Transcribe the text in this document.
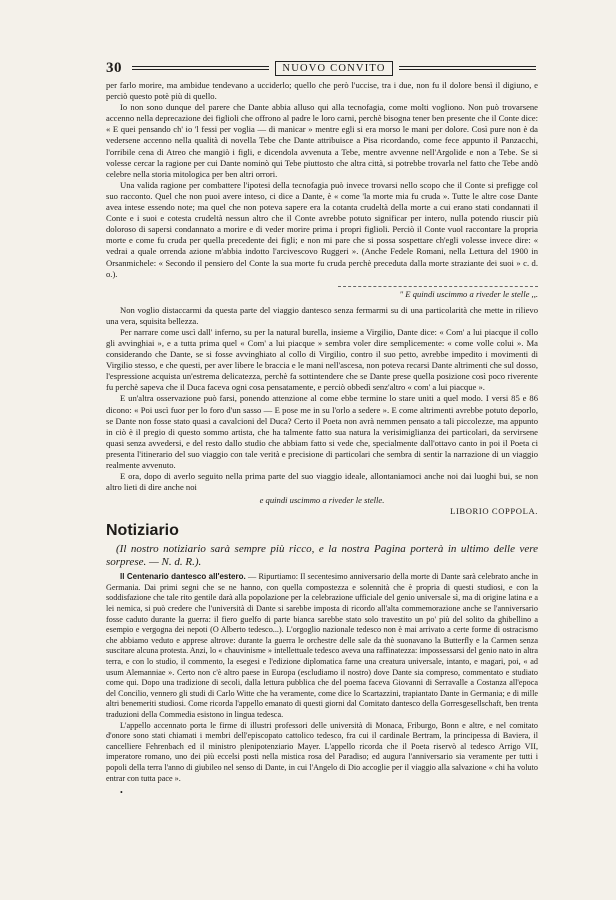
30	NUOVO CONVITO

per farlo morire, ma ambidue tendevano a ucciderlo; quello che però l'uccise, tra i due, non fu il dolore bensì il digiuno, e perciò questo potè più di quello.

Io non sono dunque del parere che Dante abbia alluso qui alla tecnofagia, come molti vogliono. Non può trovarsene accenno nella deprecazione dei figlioli che offrono al padre le loro carni, perchè bisogna tener ben presente che il Conte dice: « E quei pensando ch' io 'l fessi per voglia — di manicar » mentre egli si era morso le mani per dolore. Così pure non è da vedersene accenno nella qualità di novella Tebe che Dante attribuisce a Pisa ricordando, come fece appunto il Panzacchi, l'orribile cena di Atreo che mangiò i figli, e dicendola avvenuta a Tebe, mentre avvenne nell'Argolide e non a Tebe. Se si volesse cercar la ragione per cui Dante nominò qui Tebe piuttosto che altra città, si potrebbe trovarla nel fatto che Tebe andò celebre nella storia mitologica per ben altri orrori.

Una valida ragione per combattere l'ipotesi della tecnofagia può invece trovarsi nello scopo che il Conte si prefigge col suo racconto. Quel che non puoi avere inteso, ci dice a Dante, è « come 'la morte mia fu cruda ». Tutte le altre cose Dante avea intese essendo note; ma quel che non poteva sapere era la cotanta crudeltà della morte a cui erano stati condannati il Conte e i suoi e cotesta crudeltà nessun altro che il Conte avrebbe potuto significar per intero, nulla potendo riuscir più doloroso di sapersi condannato a morire e di veder morire prima i propri figlioli. Perciò il Conte vuol raccontare la propria morte e come fu cruda per quella precedente dei figli; e non mi pare che si possa sospettare ch'egli volesse invece dire: « vedrai a quale orrenda azione m'abbia indotto l'arcivescovo Ruggeri ». (Anche Fedele Romani, nella Lettura del 1900 in Orsanmichele: « Secondo il pensiero del Conte la sua morte fu cruda perchè preceduta dalla morte straziante dei suoi » c. d. o.).

" E quindi uscimmo a riveder le stelle ,,.

Non voglio distaccarmi da questa parte del viaggio dantesco senza fermarmi su di una particolarità che mette in rilievo una vera, squisita bellezza.

Per narrare come uscì dall' inferno, su per la natural burella, insieme a Virgilio, Dante dice: « Com' a lui piacque il collo gli avvinghiai », e a tutta prima quel « Com' a lui piacque » sembra voler dire semplicemente: « come volle colui ». Ma considerando che Dante, se si fosse avvinghiato al collo di Virgilio, contro il suo petto, avrebbe impedito i movimenti di Virgilio stesso, e che questi, per aver libere le braccia e le mani nell'ascesa, non poteva recarsi Dante altrimenti che sul dosso, l'espressione acquista un'estrema delicatezza, perchè fa sottintendere che se Dante prese quella posizione così poco riverente fu perchè sapeva che il Duca faceva ogni cosa pensatamente, e perciò obbedì senz'altro « com' a lui piacque ».

E un'altra osservazione può farsi, ponendo attenzione al come ebbe termine lo stare uniti a quel modo. I versi 85 e 86 dicono: « Poi uscì fuor per lo foro d'un sasso — E pose me in su l'orlo a sedere ». E come altrimenti avrebbe potuto deporlo, se Dante non fosse stato quasi a cavalcioni del Duca? Certo il Poeta non avrà nemmen pensato a tali piccolezze, ma appunto in ciò è il pregio di questo sommo artista, che ha talmente fatto sua natura la verisimiglianza dei particolari, da servirsene quasi senza avvedersi, e del resto dallo studio che abbiam fatto si vede che, specialmente dall'ottavo canto in poi il Poeta ci presenta l'itinerario del suo viaggio con tale verità e precisione di particolari che sembra di sentir la narrazione di un viaggio realmente avvenuto.

E ora, dopo di averlo seguito nella prima parte del suo viaggio ideale, allontaniamoci anche noi dai luoghi bui, se non altro lieti di dire anche noi

e quindi uscimmo a riveder le stelle.
LIBORIO COPPOLA.
Notiziario
(Il nostro notiziario sarà sempre più ricco, e la nostra Pagina porterà in ultimo delle vere sorprese. — N. d. R.).

Il Centenario dantesco all'estero. — Ripurtiamo: Il secentesimo anniversario della morte di Dante sarà celebrato anche in Germania. Dai primi segni che se ne hanno, con quella compostezza e solennità che è propria di questi studiosi, e con la soddisfazione che tale rito gentile darà alla popolazione per la celebrazione ufficiale del genio universale sì, ma di origine latina e a lei nemica, si può credere che l'università di Dante si sarebbe imposta di ricordo all'alta commemorazione anche se l'anniversario fosse caduto durante la guerra: il fiero guelfo di parte bianca sarebbe stato solo travestito un po' più del solito da ghibellino a esempio e vergogna dei nepoti (O Alberto tedesco...). L'orgoglio nazionale tedesco non è mai arrivato a certe forme di ostracismo che abbiamo veduto e apprese altrove: durante la guerra le orchestre delle sale da thè suonavano la Butterfly e la Carmen senza suscitare alcuna protesta. Anzi, lo « chauvinisme » intellettuale tedesco aveva una raffinatezza: impossessarsi del genio nato in altra terra, e con lo studio, il commento, la esegesi e l'edizione diplomatica farne una creatura universale, intanto, e magari, poi, « ad usum Alemanniae ». Certo non c'è altro paese in Europa (escludiamo il nostro) dove Dante sia compreso, commentato e studiato come qui. Dopo una tradizione di secoli, dalla lettura pubblica che del poema faceva Giovanni di Serravalle a Costanza all'epoca del Concilio, vennero gli studi di Carlo Witte che ha veramente, come dice lo Scartazzini, trapiantato Dante in Germania; e di mille altri benemeriti studiosi. Come ricorda l'appello emanato di questi giorni dal Comitato dantesco della Gorresgesellschaft, ben trenta traduzioni della Commedia esistono in lingua tedesca.

L'appello accennato porta le firme di illustri professori delle università di Monaca, Friburgo, Bonn e altre, e nel comitato d'onore sono stati chiamati i membri dell'episcopato cattolico tedesco, fra cui il cardinale Bertram, la principessa di Baviera, il cancelliere Fehrenbach ed il ministro plenipotenziario Mayer. L'appello ricorda che il Poeta riservò al tedesco Arrigo VII, imperatore romano, uno dei più eccelsi posti nella mistica rosa del Paradiso; ed augura l'anniversario sia veramente per tutti i popoli della terra l'anno di giubileo nel senso di Dante, in cui l'Angelo di Dio accoglie per il viaggio alla salvazione « chi ha voluto entrar con tutta pace ».

•
